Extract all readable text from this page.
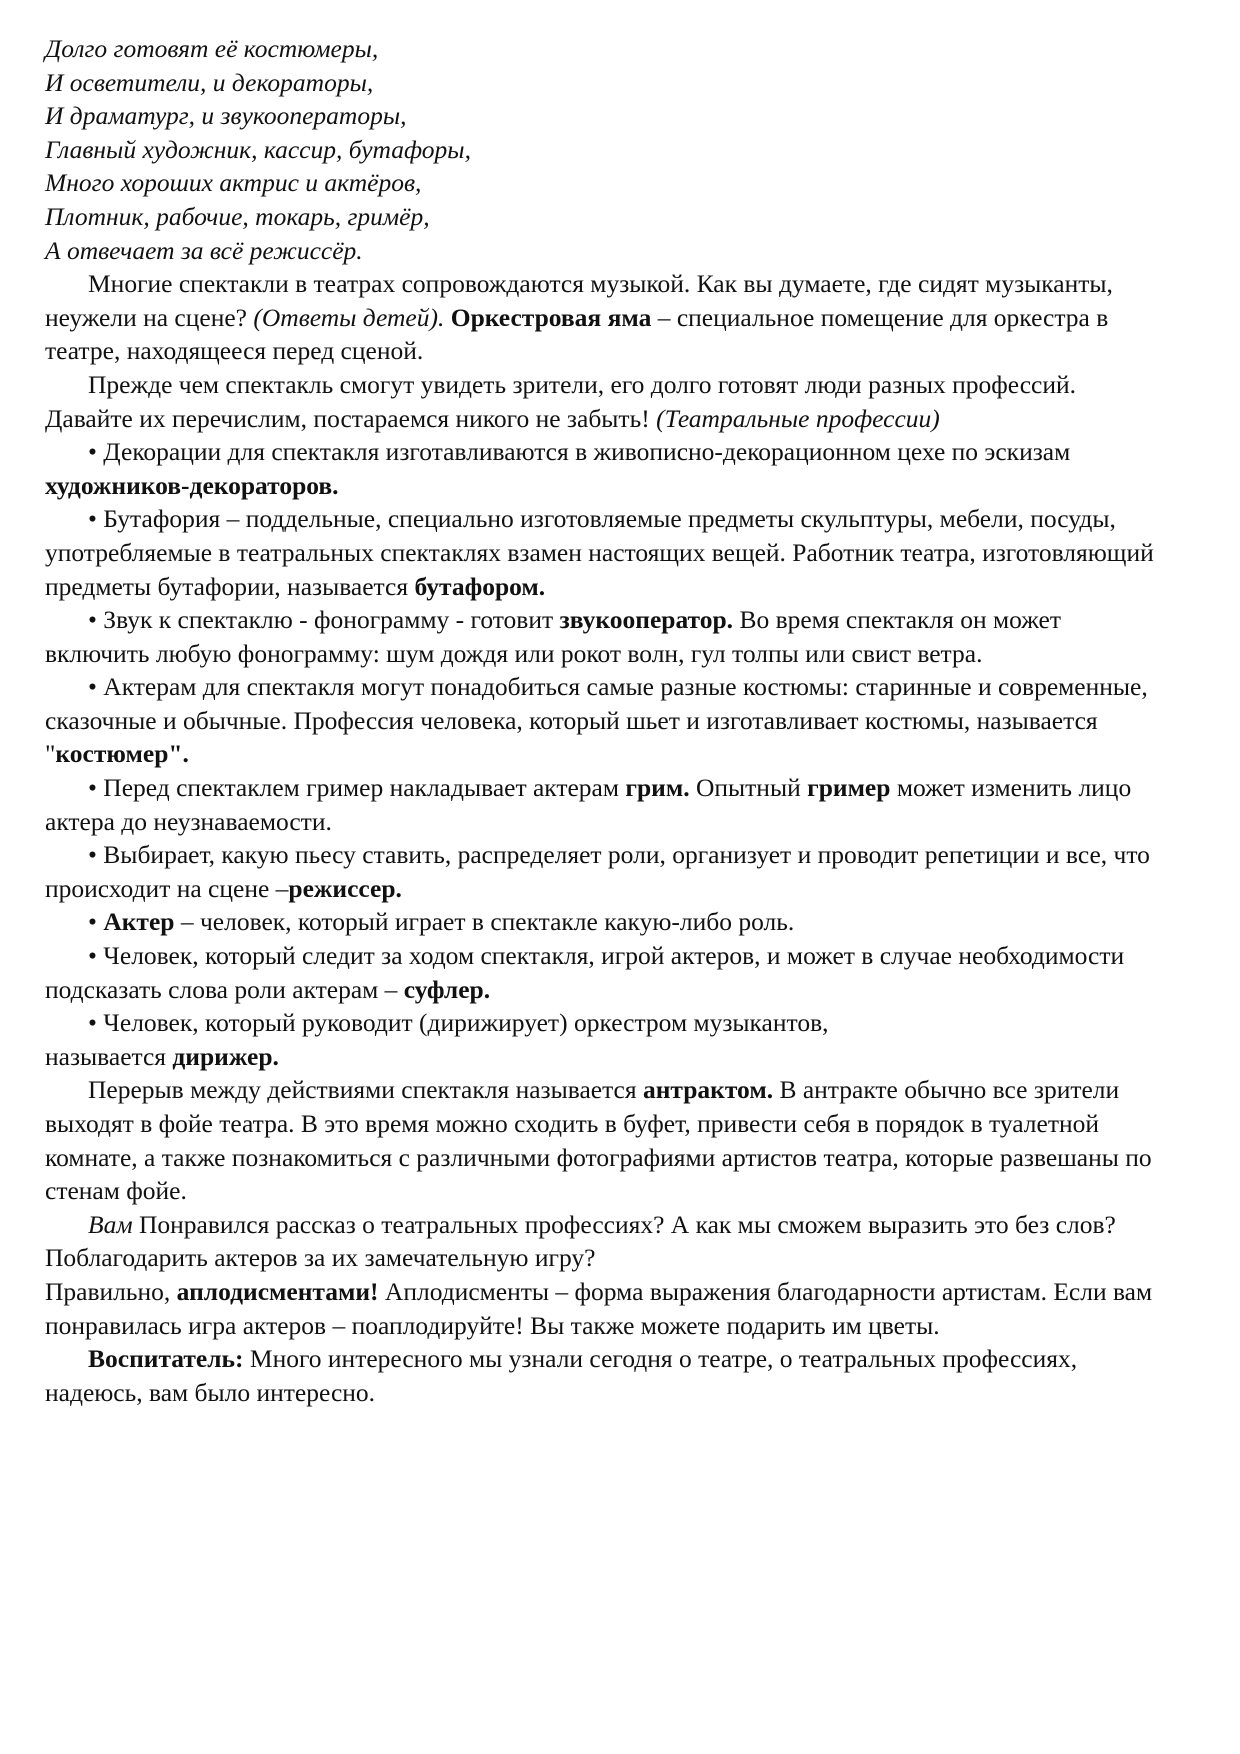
Долго готовят её костюмеры,
И осветители, и декораторы,
И драматург, и звукооператоры,
Главный художник, кассир, бутафоры,
Много хороших актрис и актёров,
Плотник, рабочие, токарь, гримёр,
А отвечает за всё режиссёр.

Многие спектакли в театрах сопровождаются музыкой. Как вы думаете, где сидят музыканты, неужели на сцене? (Ответы детей). Оркестровая яма – специальное помещение для оркестра в театре, находящееся перед сценой.

Прежде чем спектакль смогут увидеть зрители, его долго готовят люди разных профессий. Давайте их перечислим, постараемся никого не забыть! (Театральные профессии)

• Декорации для спектакля изготавливаются в живописно-декорационном цехе по эскизам художников-декораторов.

• Бутафория – поддельные, специально изготовляемые предметы скульптуры, мебели, посуды, употребляемые в театральных спектаклях взамен настоящих вещей. Работник театра, изготовляющий предметы бутафории, называется бутафором.

• Звук к спектаклю - фонограмму - готовит звукооператор. Во время спектакля он может включить любую фонограмму: шум дождя или рокот волн, гул толпы или свист ветра.

• Актерам для спектакля могут понадобиться самые разные костюмы: старинные и современные, сказочные и обычные. Профессия человека, который шьет и изготавливает костюмы, называется "костюмер".

• Перед спектаклем гример накладывает актерам грим. Опытный гример может изменить лицо актера до неузнаваемости.

• Выбирает, какую пьесу ставить, распределяет роли, организует и проводит репетиции и все, что происходит на сцене –режиссер.

• Актер – человек, который играет в спектакле какую-либо роль.

• Человек, который следит за ходом спектакля, игрой актеров, и может в случае необходимости подсказать слова роли актерам – суфлер.

• Человек, который руководит (дирижирует) оркестром музыкантов,

называется дирижер.

Перерыв между действиями спектакля называется антрактом. В антракте обычно все зрители выходят в фойе театра. В это время можно сходить в буфет, привести себя в порядок в туалетной комнате, а также познакомиться с различными фотографиями артистов театра, которые развешаны по стенам фойе.

Вам Понравился рассказ о театральных профессиях? А как мы сможем выразить это без слов? Поблагодарить актеров за их замечательную игру?

Правильно, аплодисментами! Аплодисменты – форма выражения благодарности артистам. Если вам понравилась игра актеров – поаплодируйте! Вы также можете подарить им цветы.

Воспитатель: Много интересного мы узнали сегодня о театре, о театральных профессиях, надеюсь, вам было интересно.
